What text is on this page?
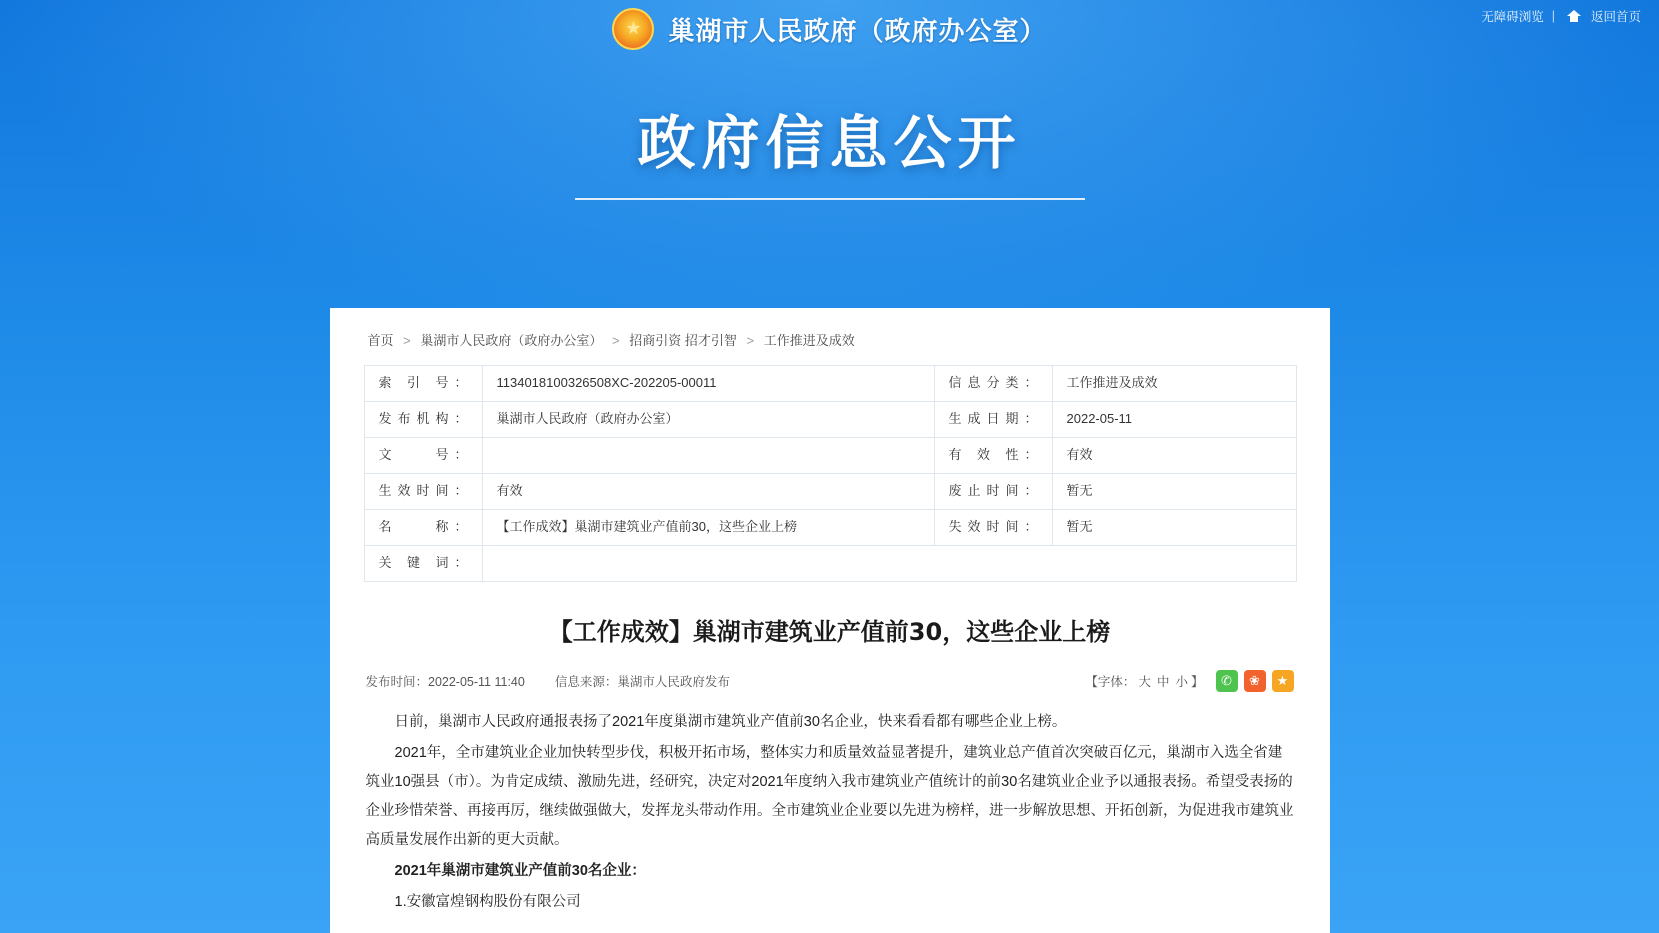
无障碍浏览 |	返回首页
★
巢湖市人民政府（政府办公室）
政府信息公开
首页 > 巢湖市人民政府（政府办公室） > 招商引资 招才引智 > 工作推进及成效
索 引 号：	1134018100326508XC-202205-00011	信息分类：	工作推进及成效
发布机构：	巢湖市人民政府（政府办公室）	生成日期：	2022-05-11
文　　号：		有 效 性：	有效
生效时间：	有效	废止时间：	暂无
名　　称：	【工作成效】巢湖市建筑业产值前30，这些企业上榜	失效时间：	暂无
关 键 词：			
【工作成效】巢湖市建筑业产值前30，这些企业上榜
发布时间：2022-05-11 11:40 信息来源：巢湖市人民政府发布	【字体： 大 中 小 】	✆	❀	★

日前，巢湖市人民政府通报表扬了2021年度巢湖市建筑业产值前30名企业，快来看看都有哪些企业上榜。

2021年，全市建筑业企业加快转型步伐，积极开拓市场，整体实力和质量效益显著提升，建筑业总产值首次突破百亿元，巢湖市入选全省建筑业10强县（市）。为肯定成绩、激励先进，经研究，决定对2021年度纳入我市建筑业产值统计的前30名建筑业企业予以通报表扬。希望受表扬的企业珍惜荣誉、再接再厉，继续做强做大，发挥龙头带动作用。全市建筑业企业要以先进为榜样，进一步解放思想、开拓创新，为促进我市建筑业高质量发展作出新的更大贡献。

2021年巢湖市建筑业产值前30名企业：

1.安徽富煌钢构股份有限公司
